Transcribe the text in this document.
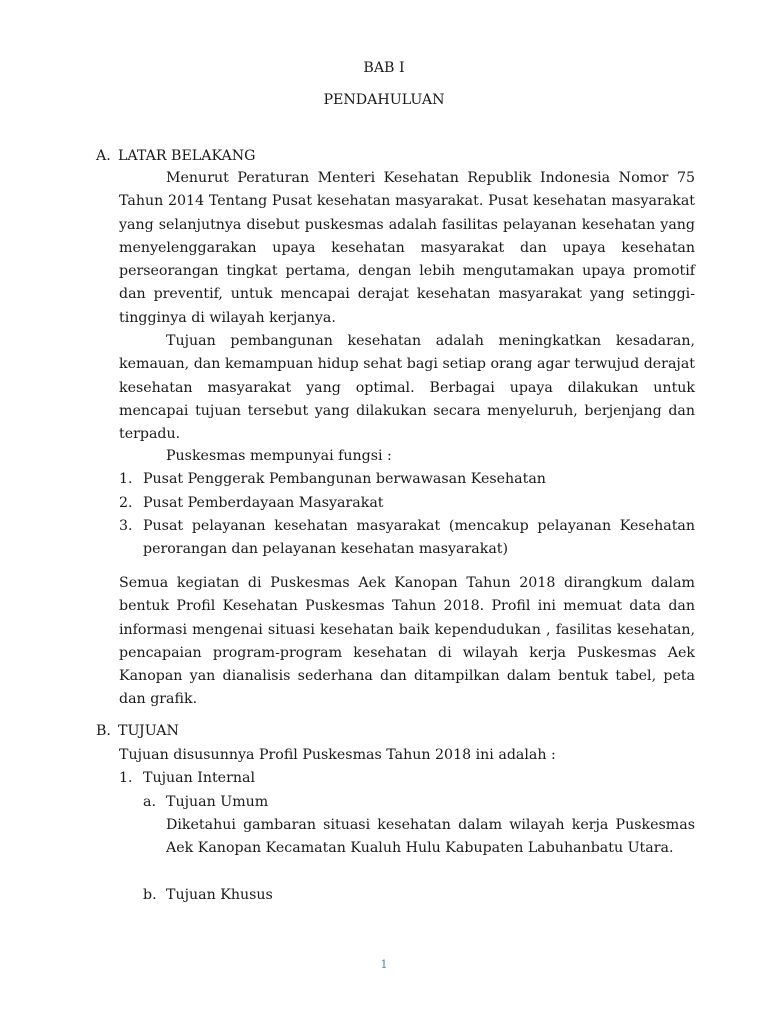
BAB I
PENDAHULUAN
A. LATAR BELAKANG

Menurut Peraturan Menteri Kesehatan Republik Indonesia Nomor 75 Tahun 2014 Tentang Pusat kesehatan masyarakat. Pusat kesehatan masyarakat yang selanjutnya disebut puskesmas adalah fasilitas pelayanan kesehatan yang menyelenggarakan upaya kesehatan masyarakat dan upaya kesehatan perseorangan tingkat pertama, dengan lebih mengutamakan upaya promotif dan preventif, untuk mencapai derajat kesehatan masyarakat yang setinggi-tingginya di wilayah kerjanya.

Tujuan pembangunan kesehatan adalah meningkatkan kesadaran, kemauan, dan kemampuan hidup sehat bagi setiap orang agar terwujud derajat kesehatan masyarakat yang optimal. Berbagai upaya dilakukan untuk mencapai tujuan tersebut yang dilakukan secara menyeluruh, berjenjang dan terpadu.

Puskesmas mempunyai fungsi :

1. Pusat Penggerak Pembangunan berwawasan Kesehatan
2. Pusat Pemberdayaan Masyarakat
3. Pusat pelayanan kesehatan masyarakat (mencakup pelayanan Kesehatan perorangan dan pelayanan kesehatan masyarakat)

Semua kegiatan di Puskesmas Aek Kanopan Tahun 2018 dirangkum dalam bentuk Profil Kesehatan Puskesmas Tahun 2018. Profil ini memuat data dan informasi mengenai situasi kesehatan baik kependudukan , fasilitas kesehatan, pencapaian program-program kesehatan di wilayah kerja Puskesmas Aek Kanopan yan dianalisis sederhana dan ditampilkan dalam bentuk tabel, peta dan grafik.

B. TUJUAN

Tujuan disusunnya Profil Puskesmas Tahun 2018 ini adalah :

1. Tujuan Internal
a. Tujuan Umum

Diketahui gambaran situasi kesehatan dalam wilayah kerja Puskesmas Aek Kanopan Kecamatan Kualuh Hulu Kabupaten Labuhanbatu Utara.

b. Tujuan Khusus
1
